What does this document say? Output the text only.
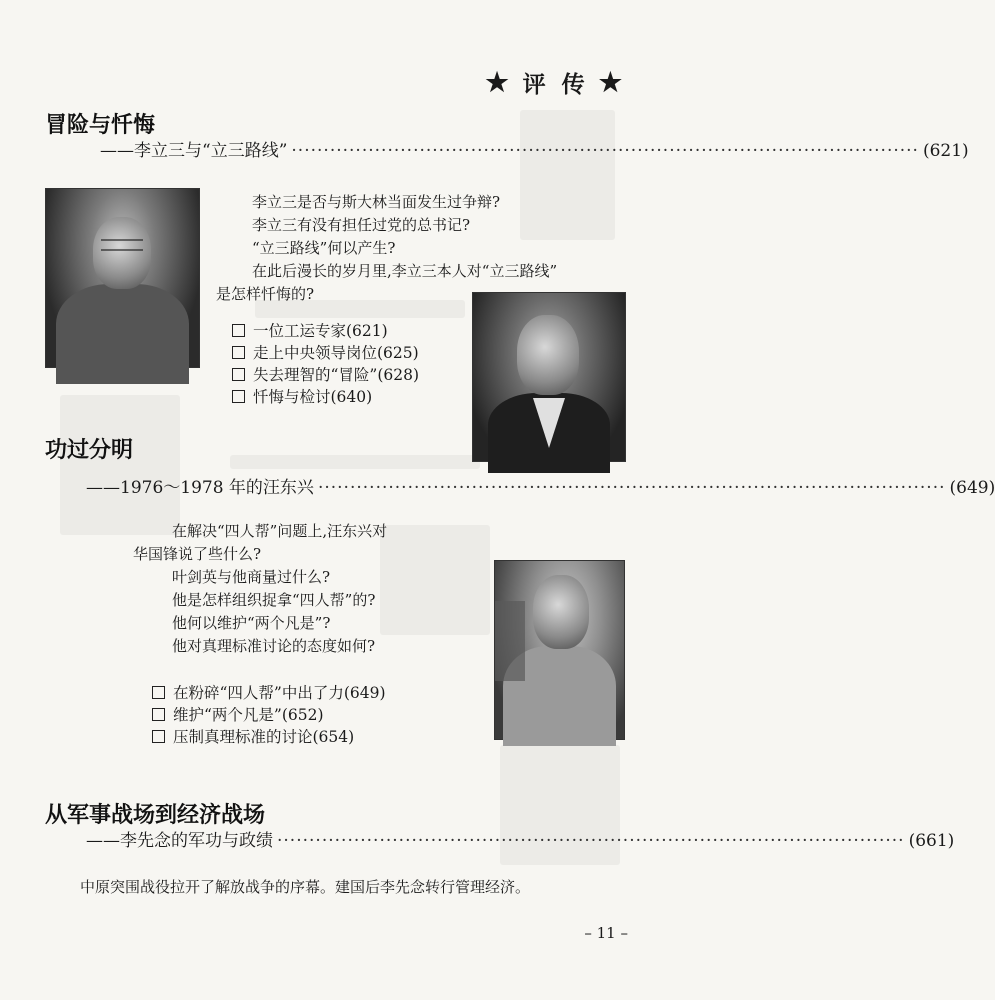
★ 评 传 ★
冒险与忏悔
——李立三与“立三路线” ·································································································· (621)
李立三是否与斯大林当面发生过争辩?
李立三有没有担任过党的总书记?
“立三路线”何以产生?
在此后漫长的岁月里,李立三本人对“立三路线”
是怎样忏悔的?
一位工运专家(621)
走上中央领导岗位(625)
失去理智的“冒险”(628)
忏悔与检讨(640)
功过分明
——1976～1978 年的汪东兴 ·································································································· (649)
在解决“四人帮”问题上,汪东兴对
华国锋说了些什么?
叶剑英与他商量过什么?
他是怎样组织捉拿“四人帮”的?
他何以维护“两个凡是”?
他对真理标准讨论的态度如何?
在粉碎“四人帮”中出了力(649)
维护“两个凡是”(652)
压制真理标准的讨论(654)
从军事战场到经济战场
——李先念的军功与政绩 ·································································································· (661)
中原突围战役拉开了解放战争的序幕。建国后李先念转行管理经济。
– 11 –
